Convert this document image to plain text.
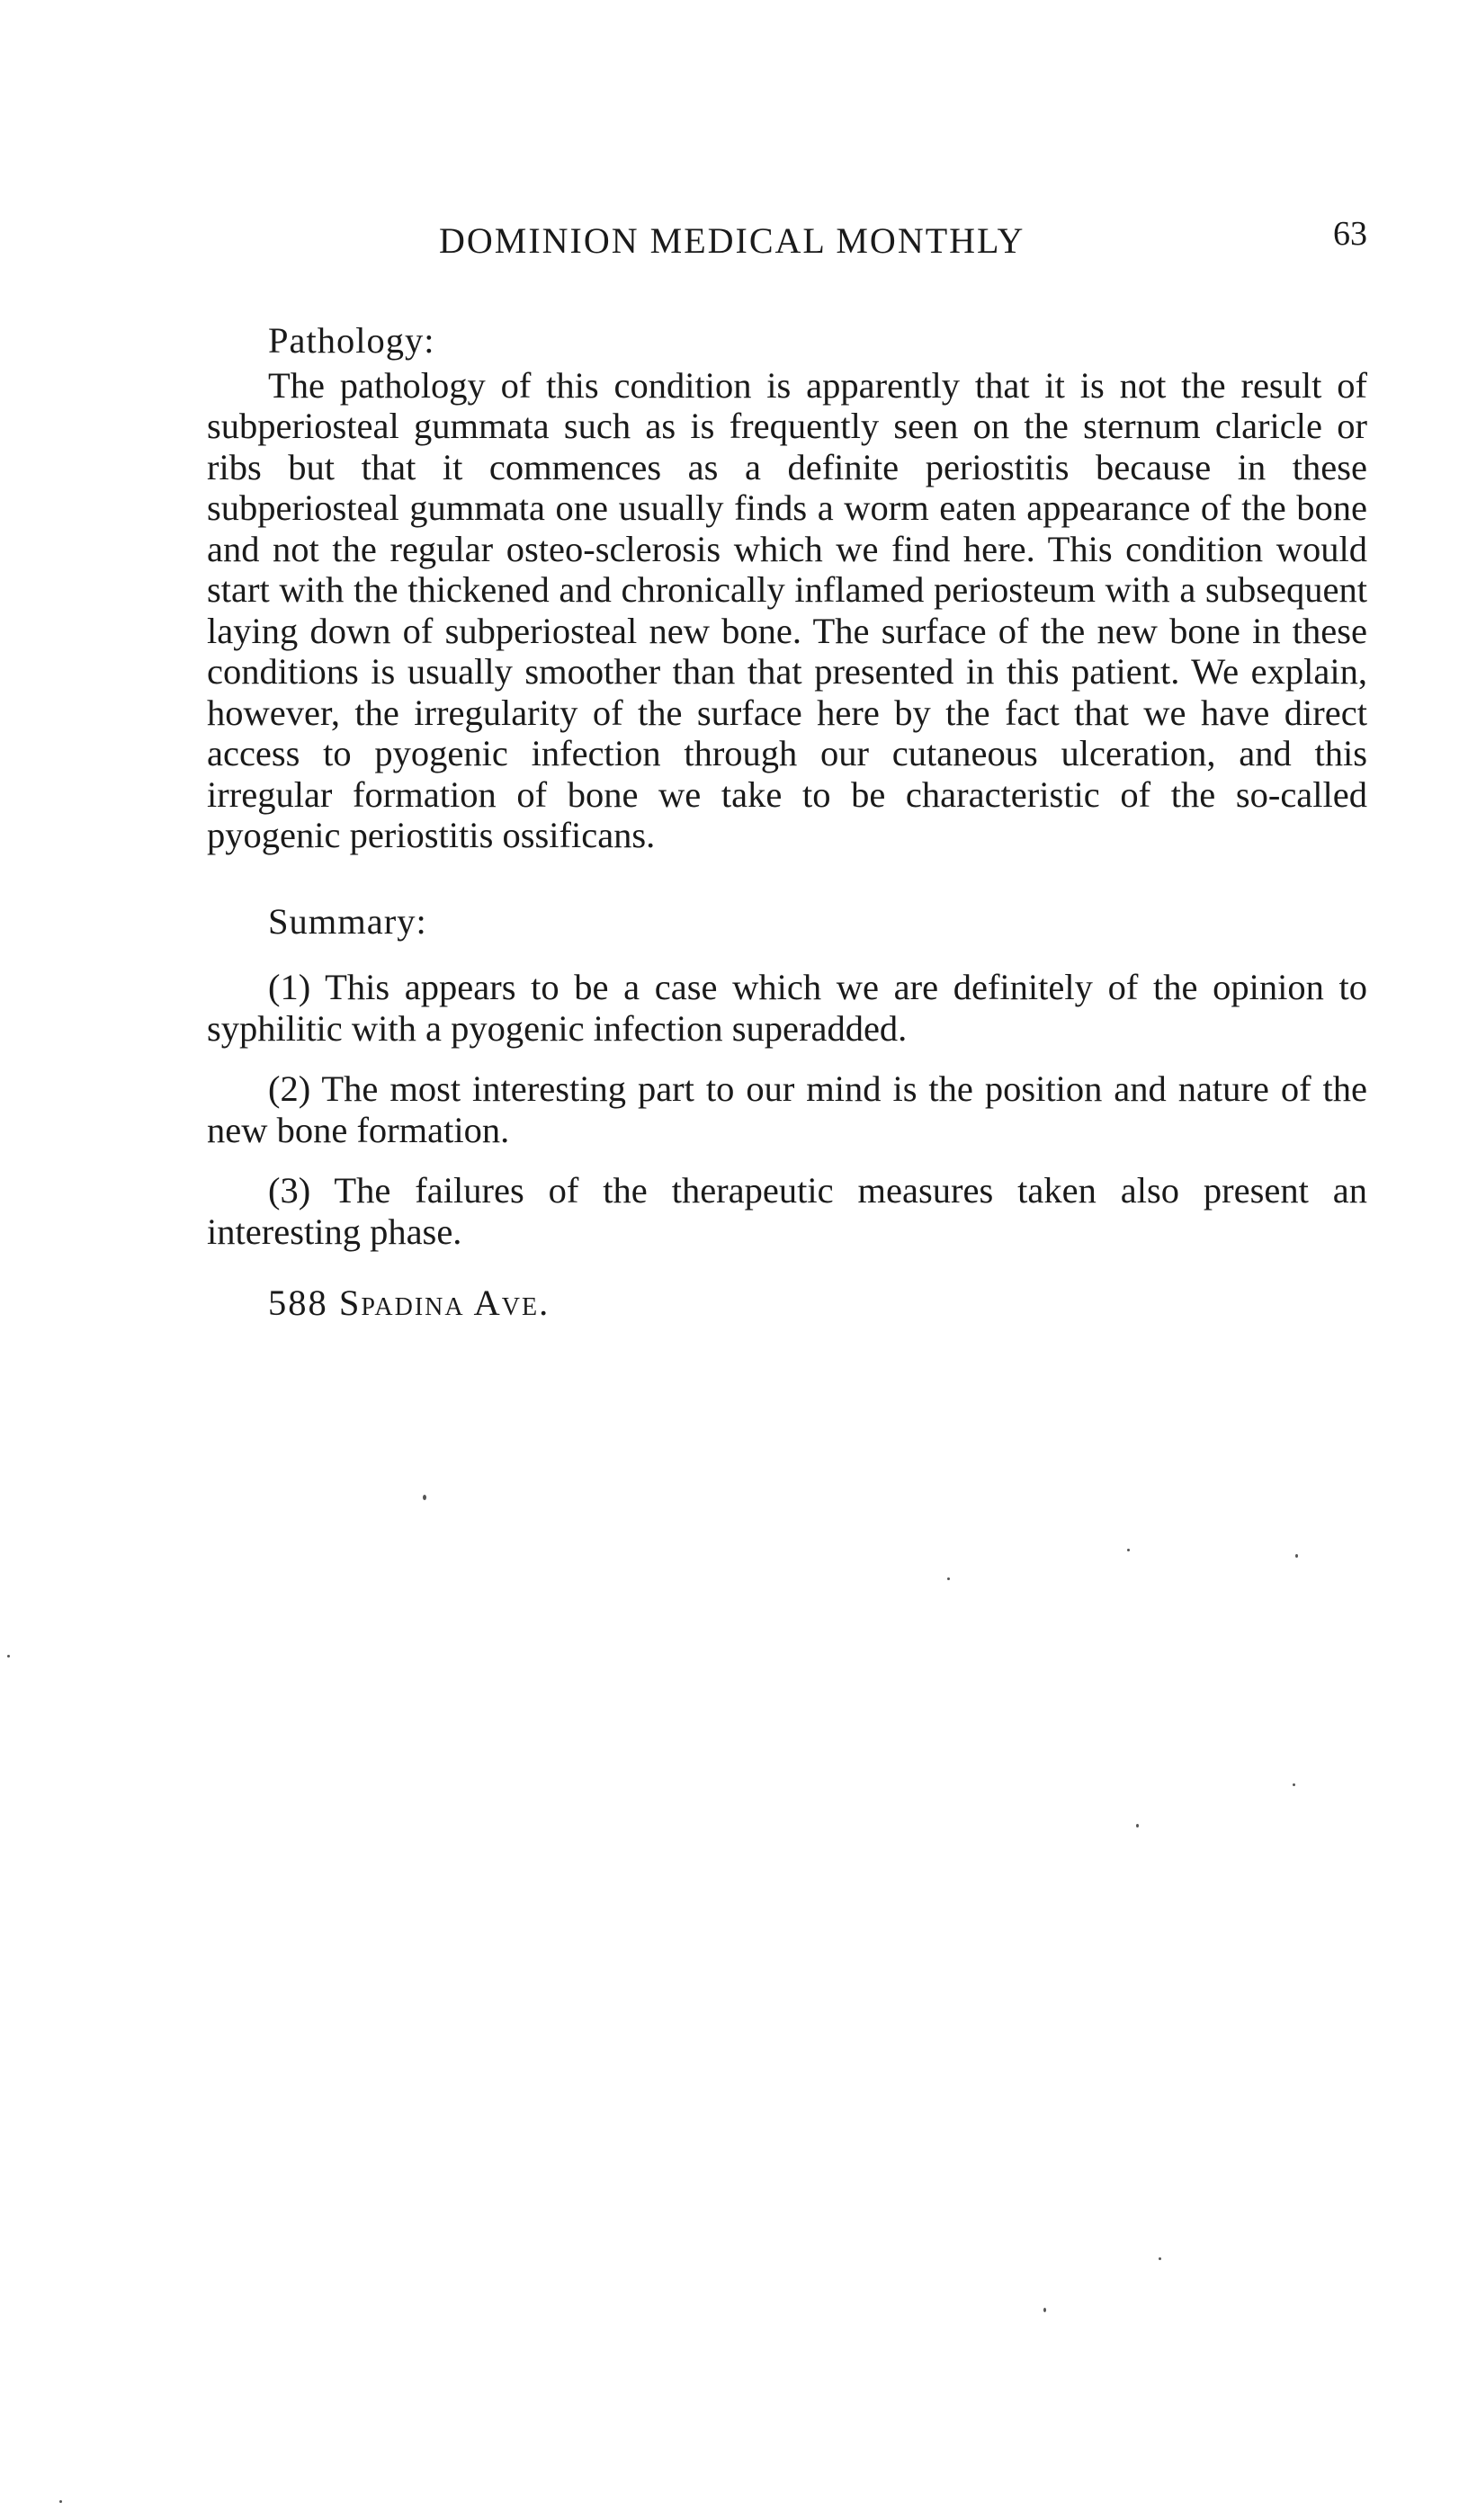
DOMINION MEDICAL MONTHLY	63

Pathology:

The pathology of this condition is apparently that it is not the result of subperiosteal gummata such as is frequently seen on the sternum claricle or ribs but that it commences as a definite periostitis because in these subperiosteal gummata one usually finds a worm eaten appearance of the bone and not the regular osteo-sclerosis which we find here. This condition would start with the thickened and chronically inflamed periosteum with a subsequent laying down of subperiosteal new bone. The surface of the new bone in these conditions is usually smoother than that presented in this patient. We explain, however, the irregularity of the surface here by the fact that we have direct access to pyogenic infection through our cutaneous ulceration, and this irregular formation of bone we take to be characteristic of the so-called pyogenic periostitis ossificans.

Summary:

(1) This appears to be a case which we are definitely of the opinion to syphilitic with a pyogenic infection superadded.

(2) The most interesting part to our mind is the position and nature of the new bone formation.

(3) The failures of the therapeutic measures taken also present an interesting phase.

588 Spadina Ave.
